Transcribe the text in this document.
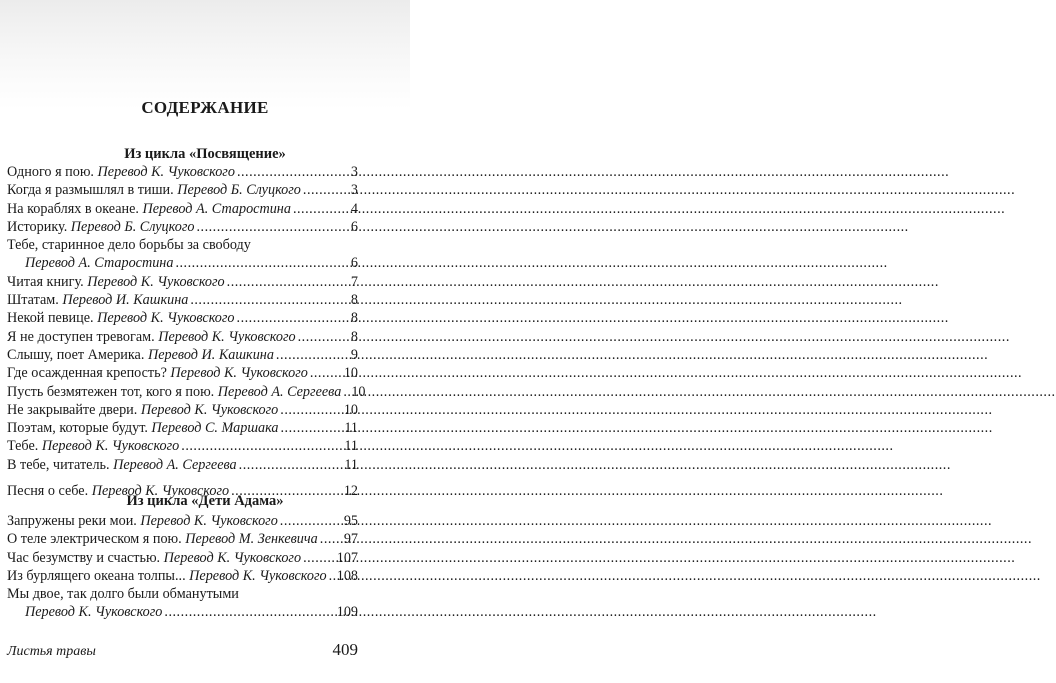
СОДЕРЖАНИЕ
Из цикла «Посвящение»
Одного я пою. Перевод К. Чуковского .....	3
Когда я размышлял в тиши. Перевод Б. Слуцкого .....	3
На кораблях в океане. Перевод А. Старостина .....	4
Историку. Перевод Б. Слуцкого .....	6
Тебе, старинное дело борьбы за свободу
Перевод А. Старостина .....	6
Читая книгу. Перевод К. Чуковского .....	7
Штатам. Перевод И. Кашкина .....	8
Некой певице. Перевод К. Чуковского .....	8
Я не доступен тревогам. Перевод К. Чуковского .....	8
Слышу, поет Америка. Перевод И. Кашкина .....	9
Где осажденная крепость? Перевод К. Чуковского .....	10
Пусть безмятежен тот, кого я пою. Перевод А. Сергеева ..... 10
Не закрывайте двери. Перевод К. Чуковского .....	10
Поэтам, которые будут. Перевод С. Маршака .....	11
Тебе. Перевод К. Чуковского .....	11
В тебе, читатель. Перевод А. Сергеева .....	11
Песня о себе. Перевод К. Чуковского .....	12
Из цикла «Дети Адама»
Запружены реки мои. Перевод К. Чуковского .....	95
О теле электрическом я пою. Перевод М. Зенкевича ..... 97
Час безумству и счастью. Перевод К. Чуковского .....	107
Из бурлящего океана толпы... Перевод К. Чуковского ..... 108
Мы двое, так долго были обманутыми
Перевод К. Чуковского .....	109
Листья травы	409
